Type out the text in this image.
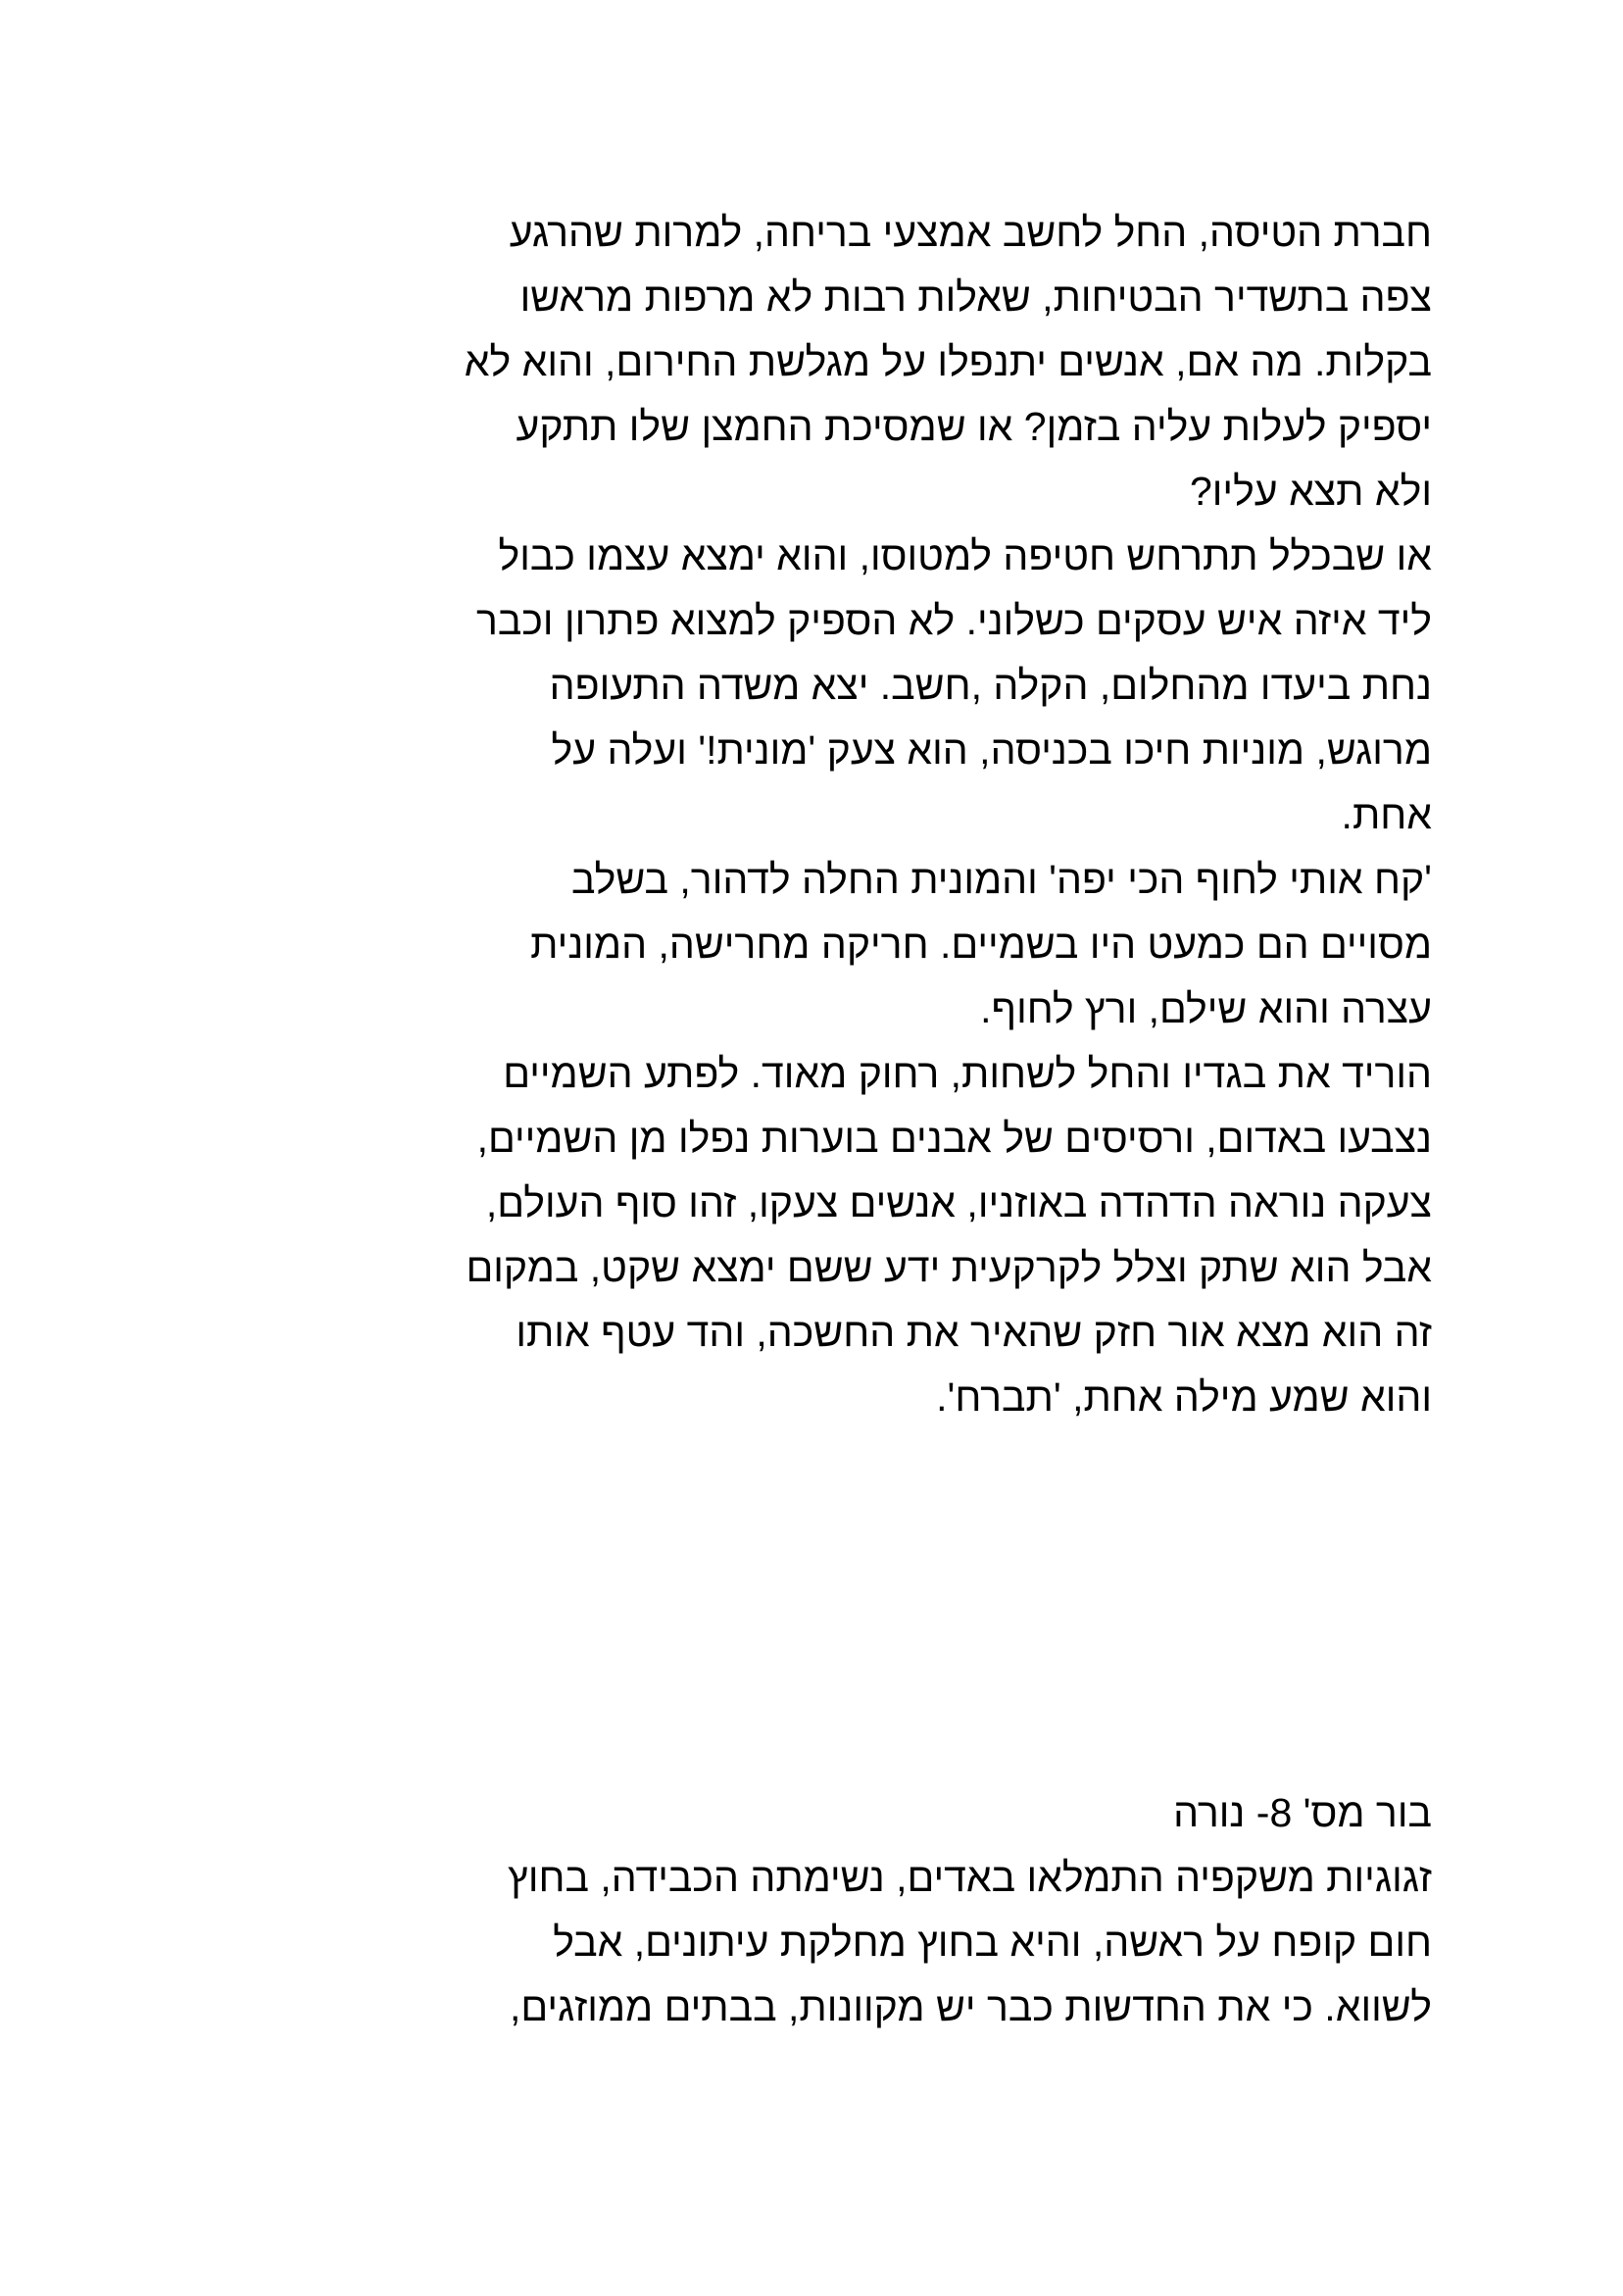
חברת הטיסה, החל לחשב אמצעי בריחה, למרות שהרגע
צפה בתשדיר הבטיחות, שאלות רבות לא מרפות מראשו
בקלות. מה אם, אנשים יתנפלו על מגלשת החירום, והוא לא
יספיק לעלות עליה בזמן? או שמסיכת החמצן שלו תתקע
ולא תצא עליו?
או שבכלל תתרחש חטיפה למטוסו, והוא ימצא עצמו כבול
ליד איזה איש עסקים כשלוני. לא הספיק למצוא פתרון וכבר
נחת ביעדו מהחלום, הקלה ,חשב. יצא משדה התעופה
מרוגש, מוניות חיכו בכניסה, הוא צעק 'מונית!' ועלה על
אחת.
'קח אותי לחוף הכי יפה' והמונית החלה לדהור, בשלב
מסויים הם כמעט היו בשמיים. חריקה מחרישה, המונית
עצרה והוא שילם, ורץ לחוף.
הוריד את בגדיו והחל לשחות, רחוק מאוד. לפתע השמיים
נצבעו באדום, ורסיסים של אבנים בוערות נפלו מן השמיים,
צעקה נוראה הדהדה באוזניו, אנשים צעקו, זהו סוף העולם,
אבל הוא שתק וצלל לקרקעית ידע ששם ימצא שקט, במקום
זה הוא מצא אור חזק שהאיר את החשכה, והד עטף אותו
והוא שמע מילה אחת, 'תברח'.
בור מס' 8- נורה
זגוגיות משקפיה התמלאו באדים, נשימתה הכבידה, בחוץ
חום קופח על ראשה, והיא בחוץ מחלקת עיתונים, אבל
לשווא. כי את החדשות כבר יש מקוונות, בבתים ממוזגים,
